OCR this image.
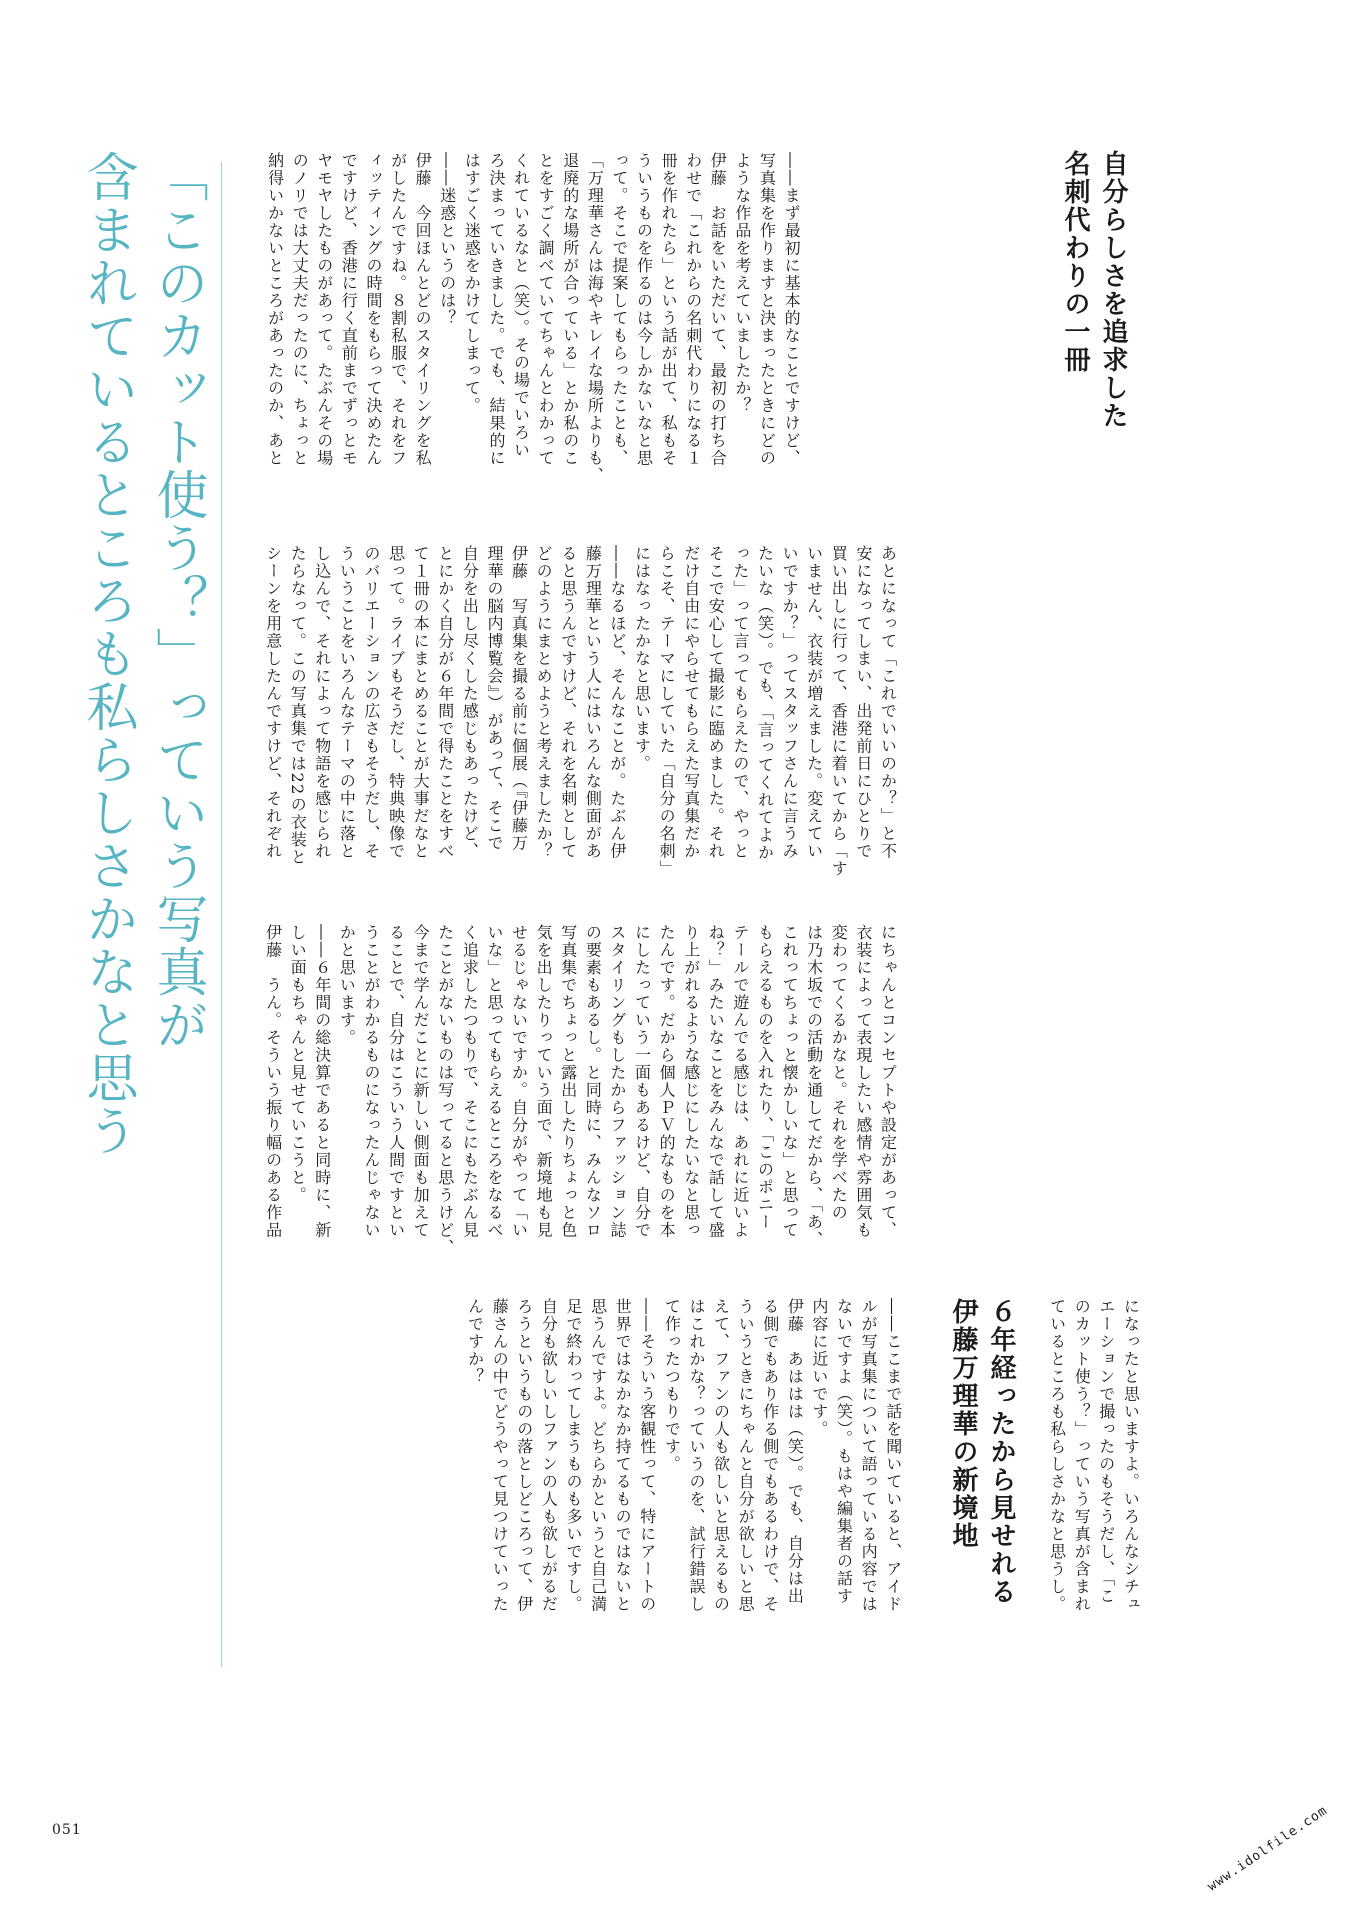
「このカット使う？」っていう写真が
含まれているところも私らしさかなと思う	自分らしさを追求した
名刺代わりの一冊
――まず最初に基本的なことですけど、
写真集を作りますと決まったときにどの
ような作品を考えていましたか？
伊藤　お話をいただいて、最初の打ち合
わせで「これからの名刺代わりになる１
冊を作れたら」という話が出て、私もそ
ういうものを作るのは今しかないなと思
って。そこで提案してもらったことも、
「万理華さんは海やキレイな場所よりも、
退廃的な場所が合っている」とか私のこ
とをすごく調べていてちゃんとわかって
くれているなと（笑）。その場でいろい
ろ決まっていきました。でも、結果的に
はすごく迷惑をかけてしまって。
――迷惑というのは？
伊藤　今回ほんとどのスタイリングを私
がしたんですね。８割私服で、それをフ
ィッティングの時間をもらって決めたん
ですけど、香港に行く直前までずっとモ
ヤモヤしたものがあって。たぶんその場
のノリでは大丈夫だったのに、ちょっと
納得いかないところがあったのか、あと
あとになって「これでいいのか？」と不
安になってしまい、出発前日にひとりで
買い出しに行って、香港に着いてから「す
いません、衣装が増えました。変えてい
いですか？」ってスタッフさんに言うみ
たいな（笑）。でも、「言ってくれてよか
った」って言ってもらえたので、やっと
そこで安心して撮影に臨めました。それ
だけ自由にやらせてもらえた写真集だか
らこそ、テーマにしていた「自分の名刺」
にはなったかなと思います。
――なるほど、そんなことが。たぶん伊
藤万理華という人にはいろんな側面があ
ると思うんですけど、それを名刺として
どのようにまとめようと考えましたか？
伊藤　写真集を撮る前に個展（『伊藤万
理華の脳内博覧会』）があって、そこで
自分を出し尽くした感じもあったけど、
とにかく自分が６年間で得たことをすべ
て１冊の本にまとめることが大事だなと
思って。ライブもそうだし、特典映像で
のバリエーションの広さもそうだし、そ
ういうことをいろんなテーマの中に落と
し込んで、それによって物語を感じられ
たらなって。この写真集では22の衣装と
シーンを用意したんですけど、それぞれ
にちゃんとコンセプトや設定があって、
衣装によって表現したい感情や雰囲気も
変わってくるかなと。それを学べたの
は乃木坂での活動を通してだから、「あ、
これってちょっと懐かしいな」と思って
もらえるものを入れたり、「このポニー
テールで遊んでる感じは、あれに近いよ
ね？」みたいなことをみんなで話して盛
り上がれるような感じにしたいなと思っ
たんです。だから個人ＰＶ的なものを本
にしたっていう一面もあるけど、自分で
スタイリングもしたからファッション誌
の要素もあるし。と同時に、みんなソロ
写真集でちょっと露出したりちょっと色
気を出したりっていう面で、新境地も見
せるじゃないですか。自分がやって「い
いな」と思ってもらえるところをなるべ
く追求したつもりで、そこにもたぶん見
たことがないものは写ってると思うけど、
今まで学んだことに新しい側面も加えて
ることで、自分はこういう人間ですとい
うことがわかるものになったんじゃない
かと思います。
――６年間の総決算であると同時に、新
しい面もちゃんと見せていこうと。
伊藤　うん。そういう振り幅のある作品
になったと思いますよ。いろんなシチュ
エーションで撮ったのもそうだし、「こ
のカット使う？」っていう写真が含まれ
ているところも私らしさかなと思うし。
６年経ったから見せれる
伊藤万理華の新境地
――ここまで話を聞いていると、アイド
ルが写真集について語っている内容では
ないですよ（笑）。もはや編集者の話す
内容に近いです。
伊藤　あははは（笑）。でも、自分は出
る側でもあり作る側でもあるわけで、そ
ういうときにちゃんと自分が欲しいと思
えて、ファンの人も欲しいと思えるもの
はこれかな？っていうのを、試行錯誤し
て作ったつもりです。
――そういう客観性って、特にアートの
世界ではなかなか持てるものではないと
思うんですよ。どちらかというと自己満
足で終わってしまうものも多いですし。
自分も欲しいしファンの人も欲しがるだ
ろうというものの落としどころって、伊
藤さんの中でどうやって見つけていった
んですか？
051	www.idolfile.com
